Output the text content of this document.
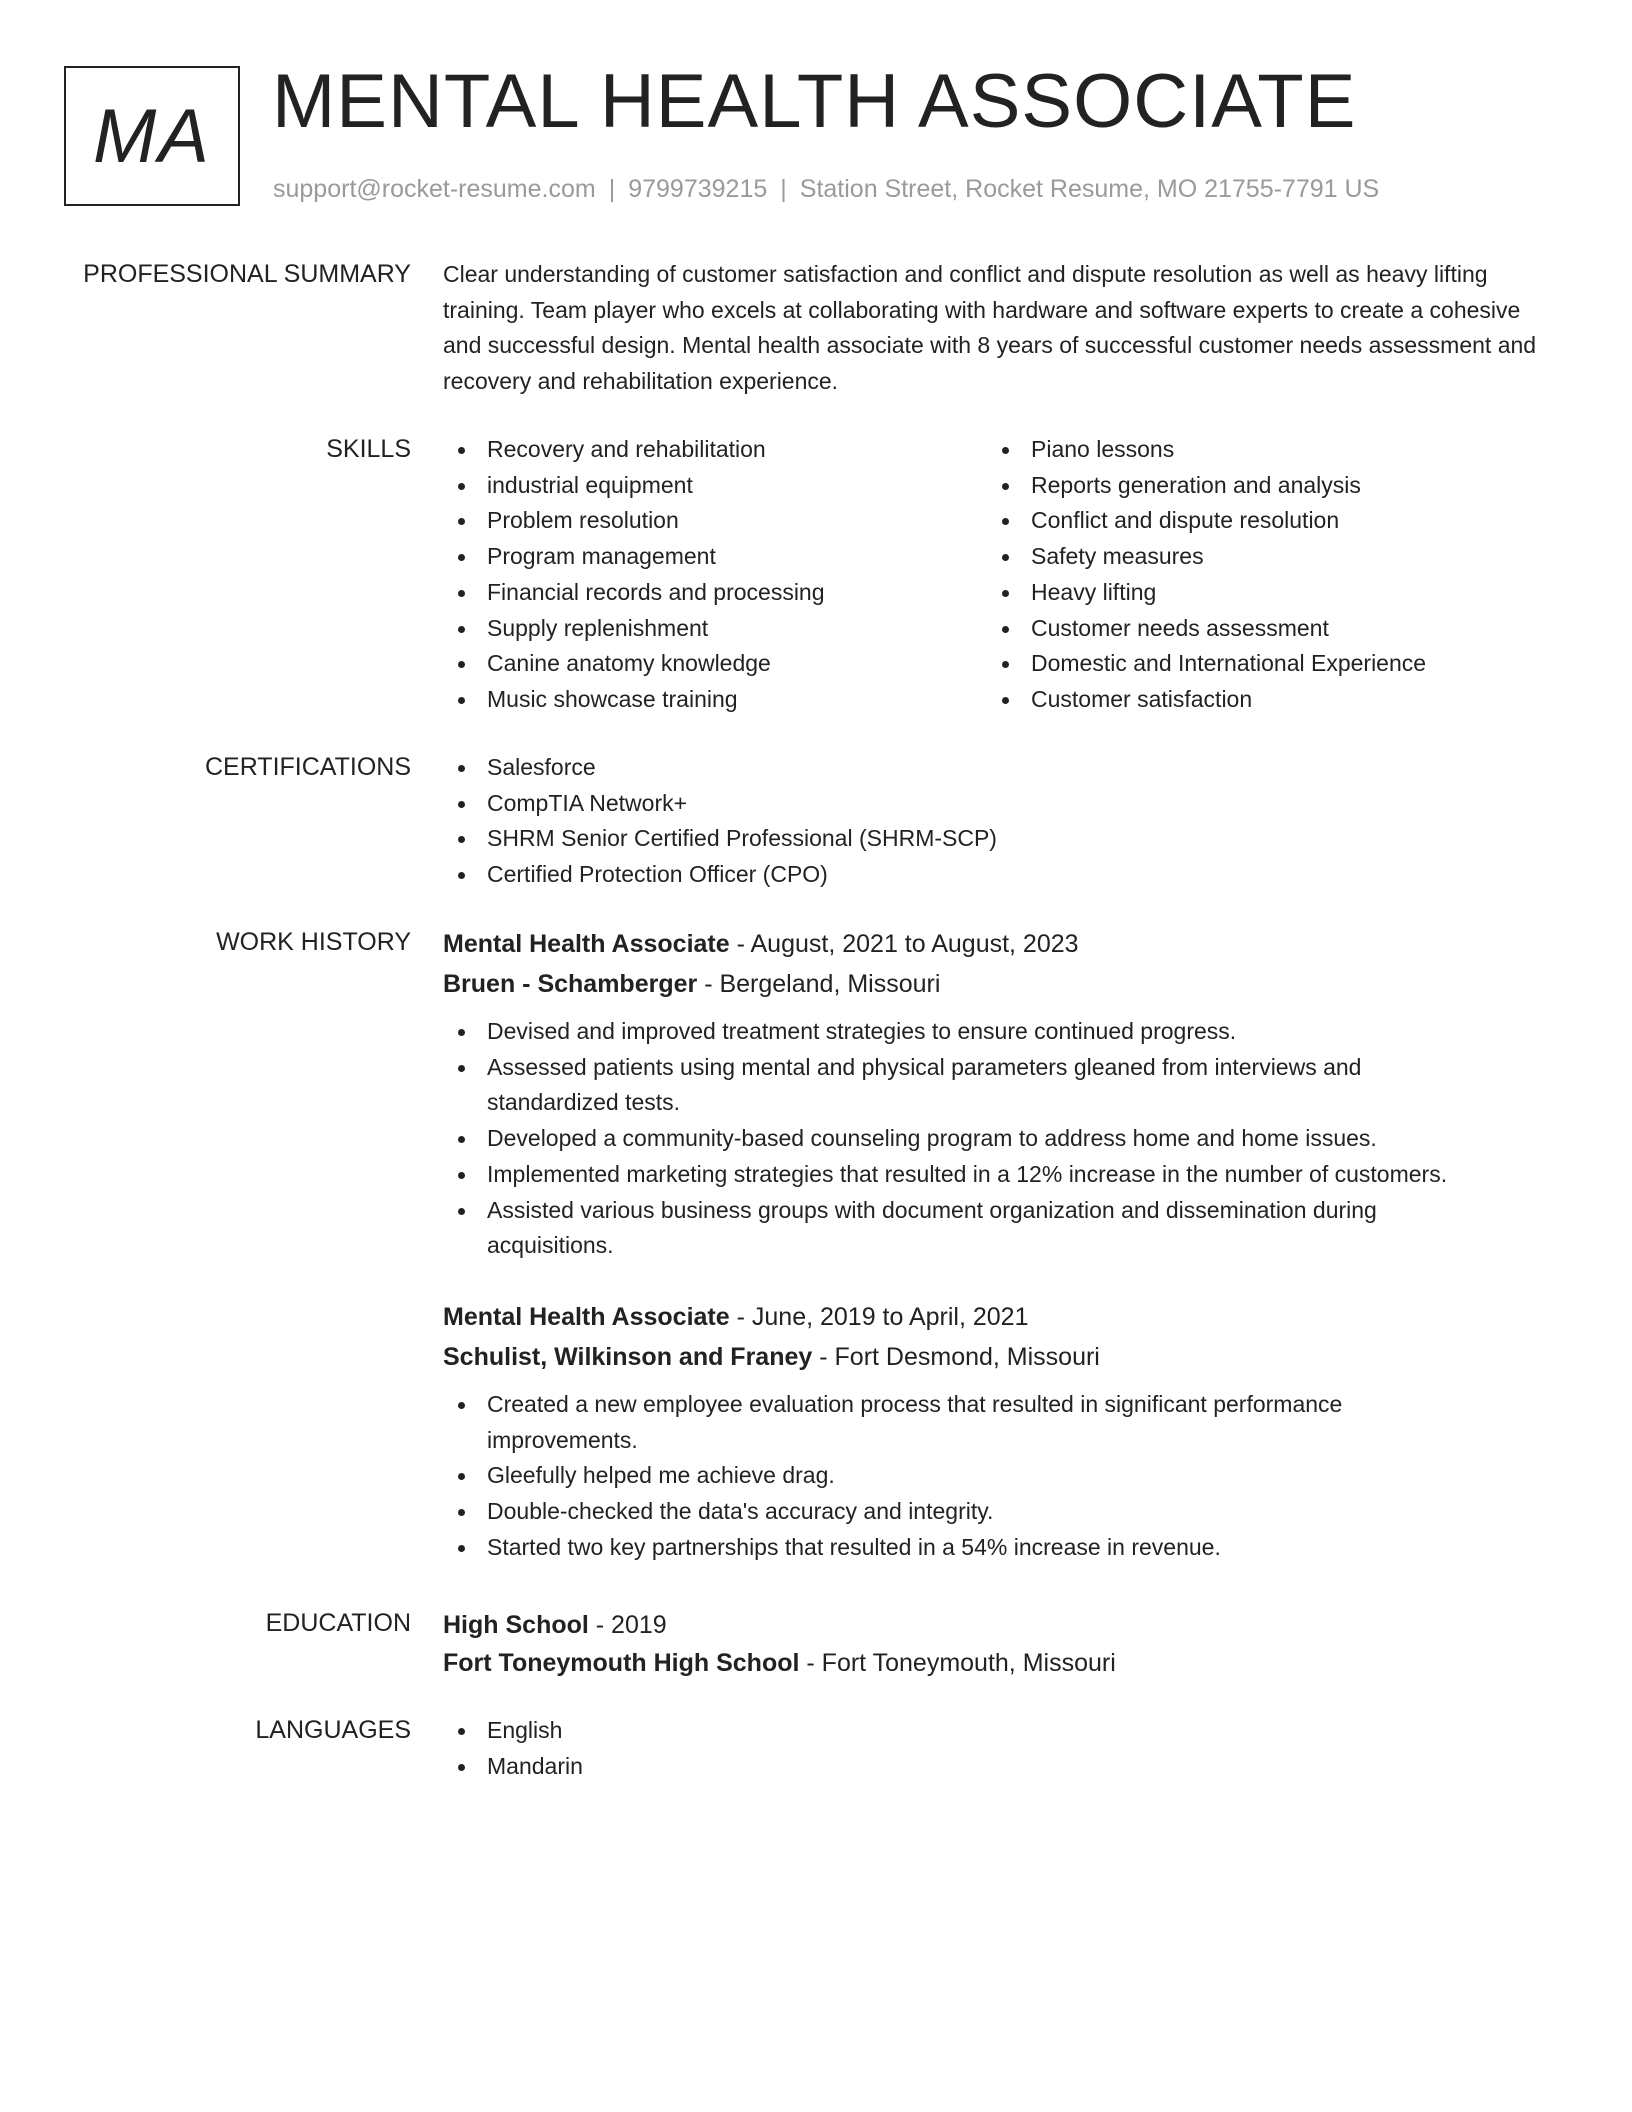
MA MENTAL HEALTH ASSOCIATE
support@rocket-resume.com | 9799739215 | Station Street, Rocket Resume, MO 21755-7791 US
PROFESSIONAL SUMMARY Clear understanding of customer satisfaction and conflict and dispute resolution as well as heavy lifting training. Team player who excels at collaborating with hardware and software experts to create a cohesive and successful design. Mental health associate with 8 years of successful customer needs assessment and recovery and rehabilitation experience.
SKILLS	Recovery and rehabilitation
industrial equipment
Problem resolution
Program management
Financial records and processing
Supply replenishment
Canine anatomy knowledge
Music showcase training
Piano lessons
Reports generation and analysis
Conflict and dispute resolution
Safety measures
Heavy lifting
Customer needs assessment
Domestic and International Experience
Customer satisfaction
CERTIFICATIONS	Salesforce
CompTIA Network+
SHRM Senior Certified Professional (SHRM-SCP)
Certified Protection Officer (CPO)
WORK HISTORY Mental Health Associate - August, 2021 to August, 2023
Bruen - Schamberger - Bergeland, Missouri
Devised and improved treatment strategies to ensure continued progress.
Assessed patients using mental and physical parameters gleaned from interviews and standardized tests.
Developed a community-based counseling program to address home and home issues.
Implemented marketing strategies that resulted in a 12% increase in the number of customers.
Assisted various business groups with document organization and dissemination during acquisitions.
Mental Health Associate - June, 2019 to April, 2021
Schulist, Wilkinson and Franey - Fort Desmond, Missouri
Created a new employee evaluation process that resulted in significant performance improvements.
Gleefully helped me achieve drag.
Double-checked the data's accuracy and integrity.
Started two key partnerships that resulted in a 54% increase in revenue.
EDUCATION High School - 2019
Fort Toneymouth High School - Fort Toneymouth, Missouri
LANGUAGES	English
Mandarin
